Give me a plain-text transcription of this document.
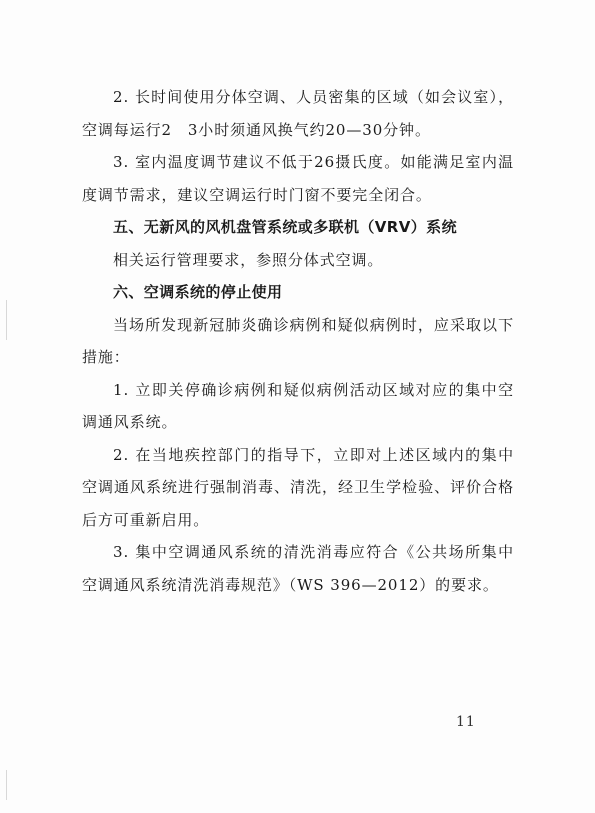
2. 长时间使用分体空调、人员密集的区域（如会议室），空调每运行2　3小时须通风换气约20—30分钟。

3. 室内温度调节建议不低于26摄氏度。如能满足室内温度调节需求，建议空调运行时门窗不要完全闭合。

五、无新风的风机盘管系统或多联机（VRV）系统

相关运行管理要求，参照分体式空调。

六、空调系统的停止使用

当场所发现新冠肺炎确诊病例和疑似病例时，应采取以下措施：

1. 立即关停确诊病例和疑似病例活动区域对应的集中空调通风系统。

2. 在当地疾控部门的指导下，立即对上述区域内的集中空调通风系统进行强制消毒、清洗，经卫生学检验、评价合格后方可重新启用。

3. 集中空调通风系统的清洗消毒应符合《公共场所集中空调通风系统清洗消毒规范》（WS 396—2012）的要求。

11
